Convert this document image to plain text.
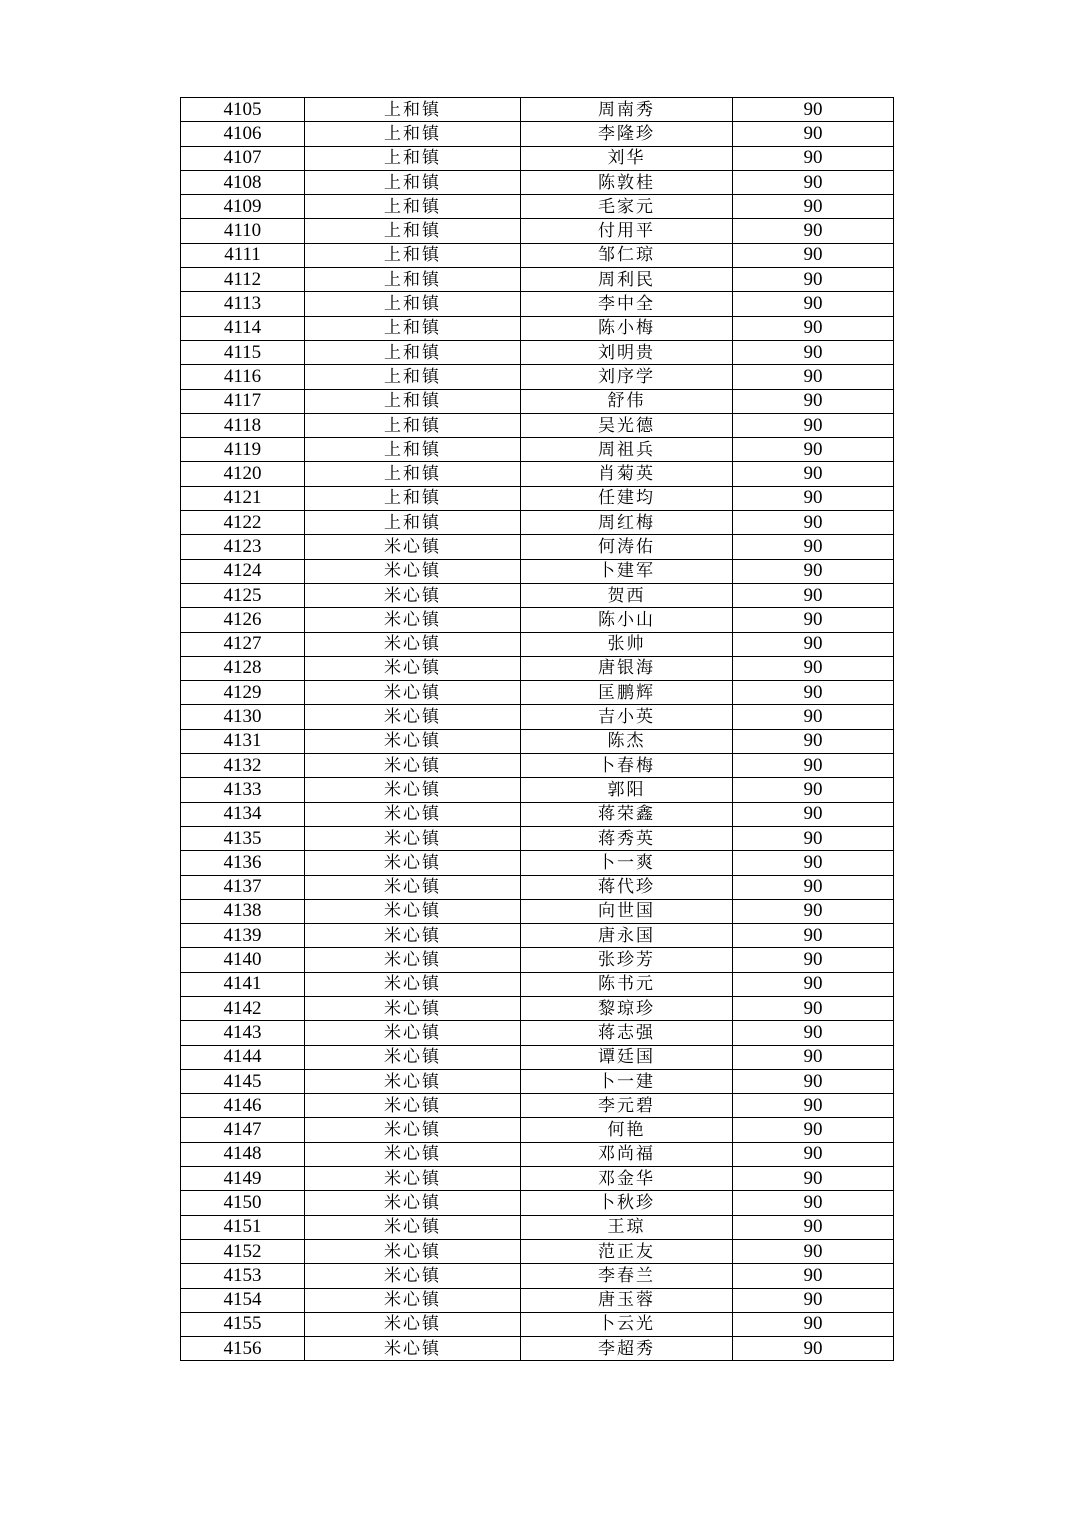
4105	上和镇	周南秀	90
4106	上和镇	李隆珍	90
4107	上和镇	刘华	90
4108	上和镇	陈敦桂	90
4109	上和镇	毛家元	90
4110	上和镇	付用平	90
4111	上和镇	邹仁琼	90
4112	上和镇	周利民	90
4113	上和镇	李中全	90
4114	上和镇	陈小梅	90
4115	上和镇	刘明贵	90
4116	上和镇	刘序学	90
4117	上和镇	舒伟	90
4118	上和镇	吴光德	90
4119	上和镇	周祖兵	90
4120	上和镇	肖菊英	90
4121	上和镇	任建均	90
4122	上和镇	周红梅	90
4123	米心镇	何涛佑	90
4124	米心镇	卜建军	90
4125	米心镇	贺西	90
4126	米心镇	陈小山	90
4127	米心镇	张帅	90
4128	米心镇	唐银海	90
4129	米心镇	匡鹏辉	90
4130	米心镇	吉小英	90
4131	米心镇	陈杰	90
4132	米心镇	卜春梅	90
4133	米心镇	郭阳	90
4134	米心镇	蒋荣鑫	90
4135	米心镇	蒋秀英	90
4136	米心镇	卜一爽	90
4137	米心镇	蒋代珍	90
4138	米心镇	向世国	90
4139	米心镇	唐永国	90
4140	米心镇	张珍芳	90
4141	米心镇	陈书元	90
4142	米心镇	黎琼珍	90
4143	米心镇	蒋志强	90
4144	米心镇	谭廷国	90
4145	米心镇	卜一建	90
4146	米心镇	李元碧	90
4147	米心镇	何艳	90
4148	米心镇	邓尚福	90
4149	米心镇	邓金华	90
4150	米心镇	卜秋珍	90
4151	米心镇	王琼	90
4152	米心镇	范正友	90
4153	米心镇	李春兰	90
4154	米心镇	唐玉蓉	90
4155	米心镇	卜云光	90
4156	米心镇	李超秀	90
